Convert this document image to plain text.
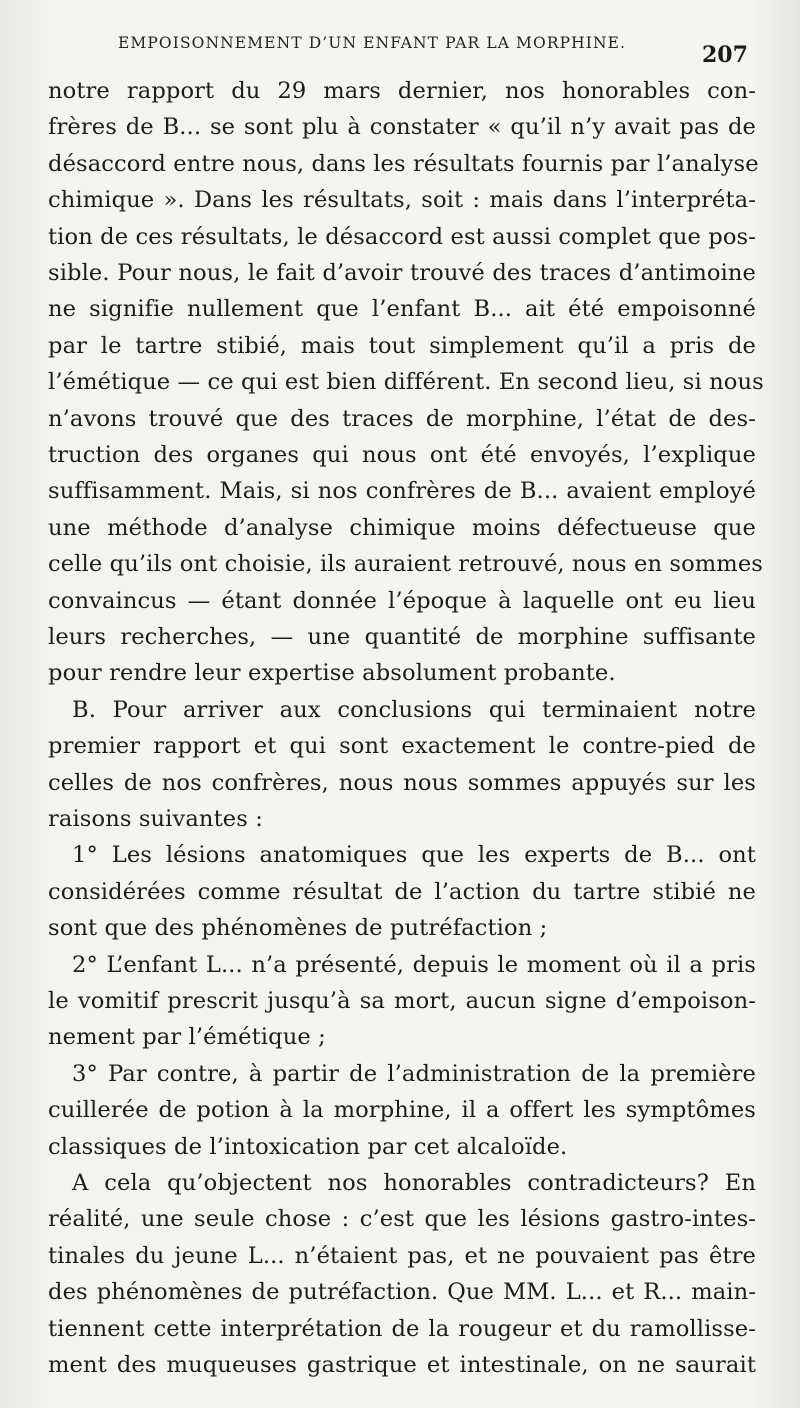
EMPOISONNEMENT D’UN ENFANT PAR LA MORPHINE.	207
notre rapport du 29 mars dernier, nos honorables con-
frères de B... se sont plu à constater « qu’il n’y avait pas de
désaccord entre nous, dans les résultats fournis par l’analyse
chimique ». Dans les résultats, soit : mais dans l’interpréta-
tion de ces résultats, le désaccord est aussi complet que pos-
sible. Pour nous, le fait d’avoir trouvé des traces d’antimoine
ne signifie nullement que l’enfant B... ait été empoisonné
par le tartre stibié, mais tout simplement qu’il a pris de
l’émétique — ce qui est bien différent. En second lieu, si nous
n’avons trouvé que des traces de morphine, l’état de des-
truction des organes qui nous ont été envoyés, l’explique
suffisamment. Mais, si nos confrères de B... avaient employé
une méthode d’analyse chimique moins défectueuse que
celle qu’ils ont choisie, ils auraient retrouvé, nous en sommes
convaincus — étant donnée l’époque à laquelle ont eu lieu
leurs recherches, — une quantité de morphine suffisante
pour rendre leur expertise absolument probante.
B. Pour arriver aux conclusions qui terminaient notre
premier rapport et qui sont exactement le contre-pied de
celles de nos confrères, nous nous sommes appuyés sur les
raisons suivantes :
1° Les lésions anatomiques que les experts de B... ont
considérées comme résultat de l’action du tartre stibié ne
sont que des phénomènes de putréfaction ;
2° L’enfant L... n’a présenté, depuis le moment où il a pris
le vomitif prescrit jusqu’à sa mort, aucun signe d’empoison-
nement par l’émétique ;
3° Par contre, à partir de l’administration de la première
cuillerée de potion à la morphine, il a offert les symptômes
classiques de l’intoxication par cet alcaloïde.
A cela qu’objectent nos honorables contradicteurs? En
réalité, une seule chose : c’est que les lésions gastro-intes-
tinales du jeune L... n’étaient pas, et ne pouvaient pas être
des phénomènes de putréfaction. Que MM. L... et R... main-
tiennent cette interprétation de la rougeur et du ramollisse-
ment des muqueuses gastrique et intestinale, on ne saurait
